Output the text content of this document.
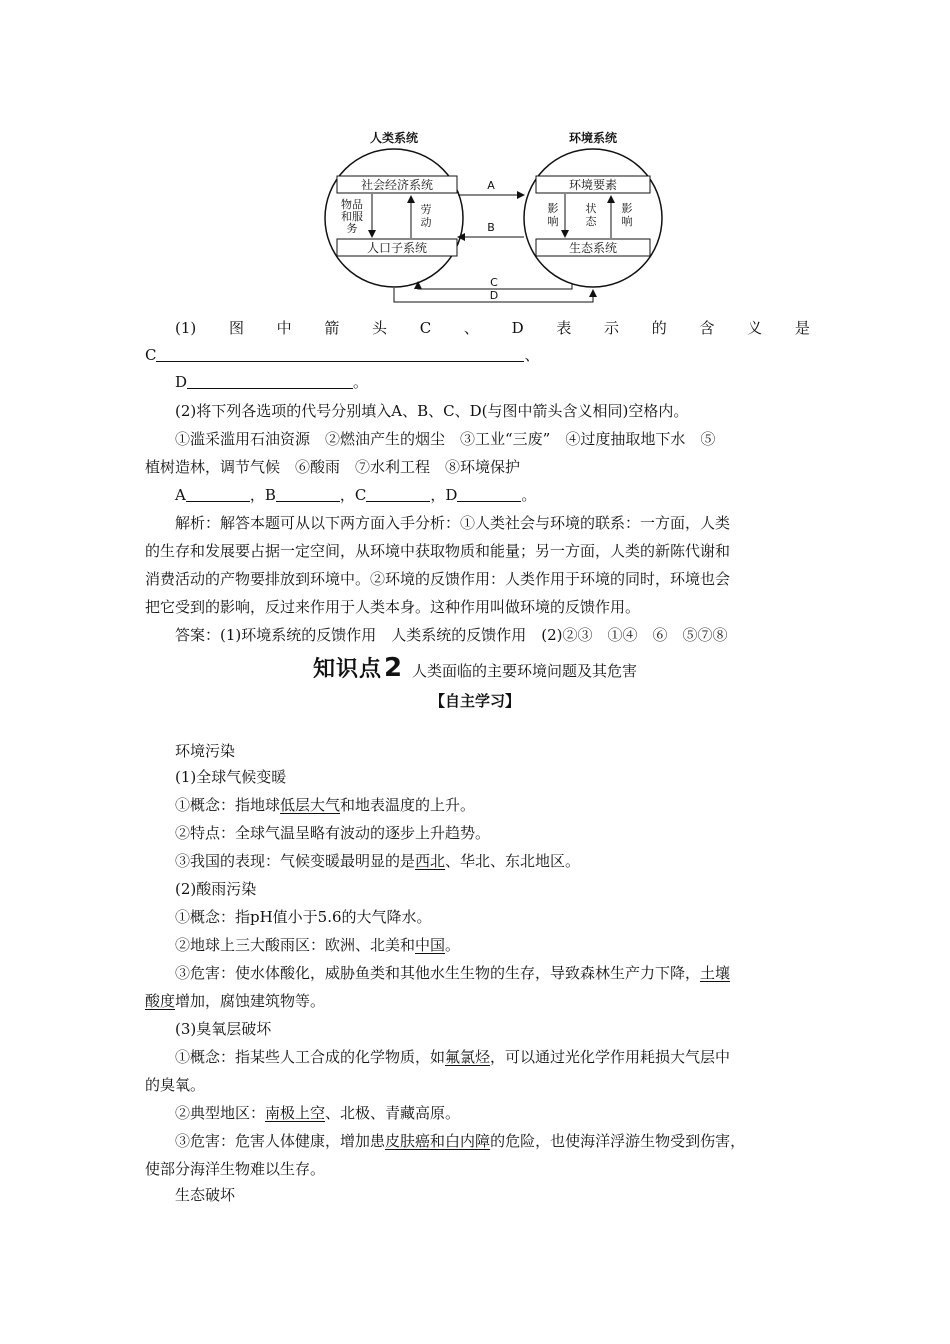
人类系统	环境系统
社会经济系统
人口子系统
物品
和服
务
劳
动
环境要素
生态系统
影
响
状
态
影
响
A
B
C
D
(1) 图 中 箭 头 C 、 D 表 示 的 含 义 是
C	、
D	。
(2)将下列各选项的代号分别填入A、B、C、D(与图中箭头含义相同)空格内。
①滥采滥用石油资源　②燃油产生的烟尘　③工业“三废”　④过度抽取地下水　⑤
植树造林，调节气候　⑥酸雨　⑦水利工程　⑧环境保护
A	，B	，C	，D	。
解析：解答本题可从以下两方面入手分析：①人类社会与环境的联系：一方面，人类
的生存和发展要占据一定空间，从环境中获取物质和能量；另一方面，人类的新陈代谢和
消费活动的产物要排放到环境中。②环境的反馈作用：人类作用于环境的同时，环境也会
把它受到的影响，反过来作用于人类本身。这种作用叫做环境的反馈作用。
答案：(1)环境系统的反馈作用　人类系统的反馈作用　(2)②③　①④　⑥　⑤⑦⑧
知识点2 人类面临的主要环境问题及其危害
【自主学习】
环境污染
(1)全球气候变暖
①概念：指地球低层大气和地表温度的上升。
②特点：全球气温呈略有波动的逐步上升趋势。
③我国的表现：气候变暖最明显的是西北、华北、东北地区。
(2)酸雨污染
①概念：指pH值小于5.6的大气降水。
②地球上三大酸雨区：欧洲、北美和中国。
③危害：使水体酸化，威胁鱼类和其他水生生物的生存，导致森林生产力下降，土壤
酸度增加，腐蚀建筑物等。
(3)臭氧层破坏
①概念：指某些人工合成的化学物质，如氟氯烃，可以通过光化学作用耗损大气层中
的臭氧。
②典型地区：南极上空、北极、青藏高原。
③危害：危害人体健康，增加患皮肤癌和白内障的危险，也使海洋浮游生物受到伤害，
使部分海洋生物难以生存。
生态破坏
